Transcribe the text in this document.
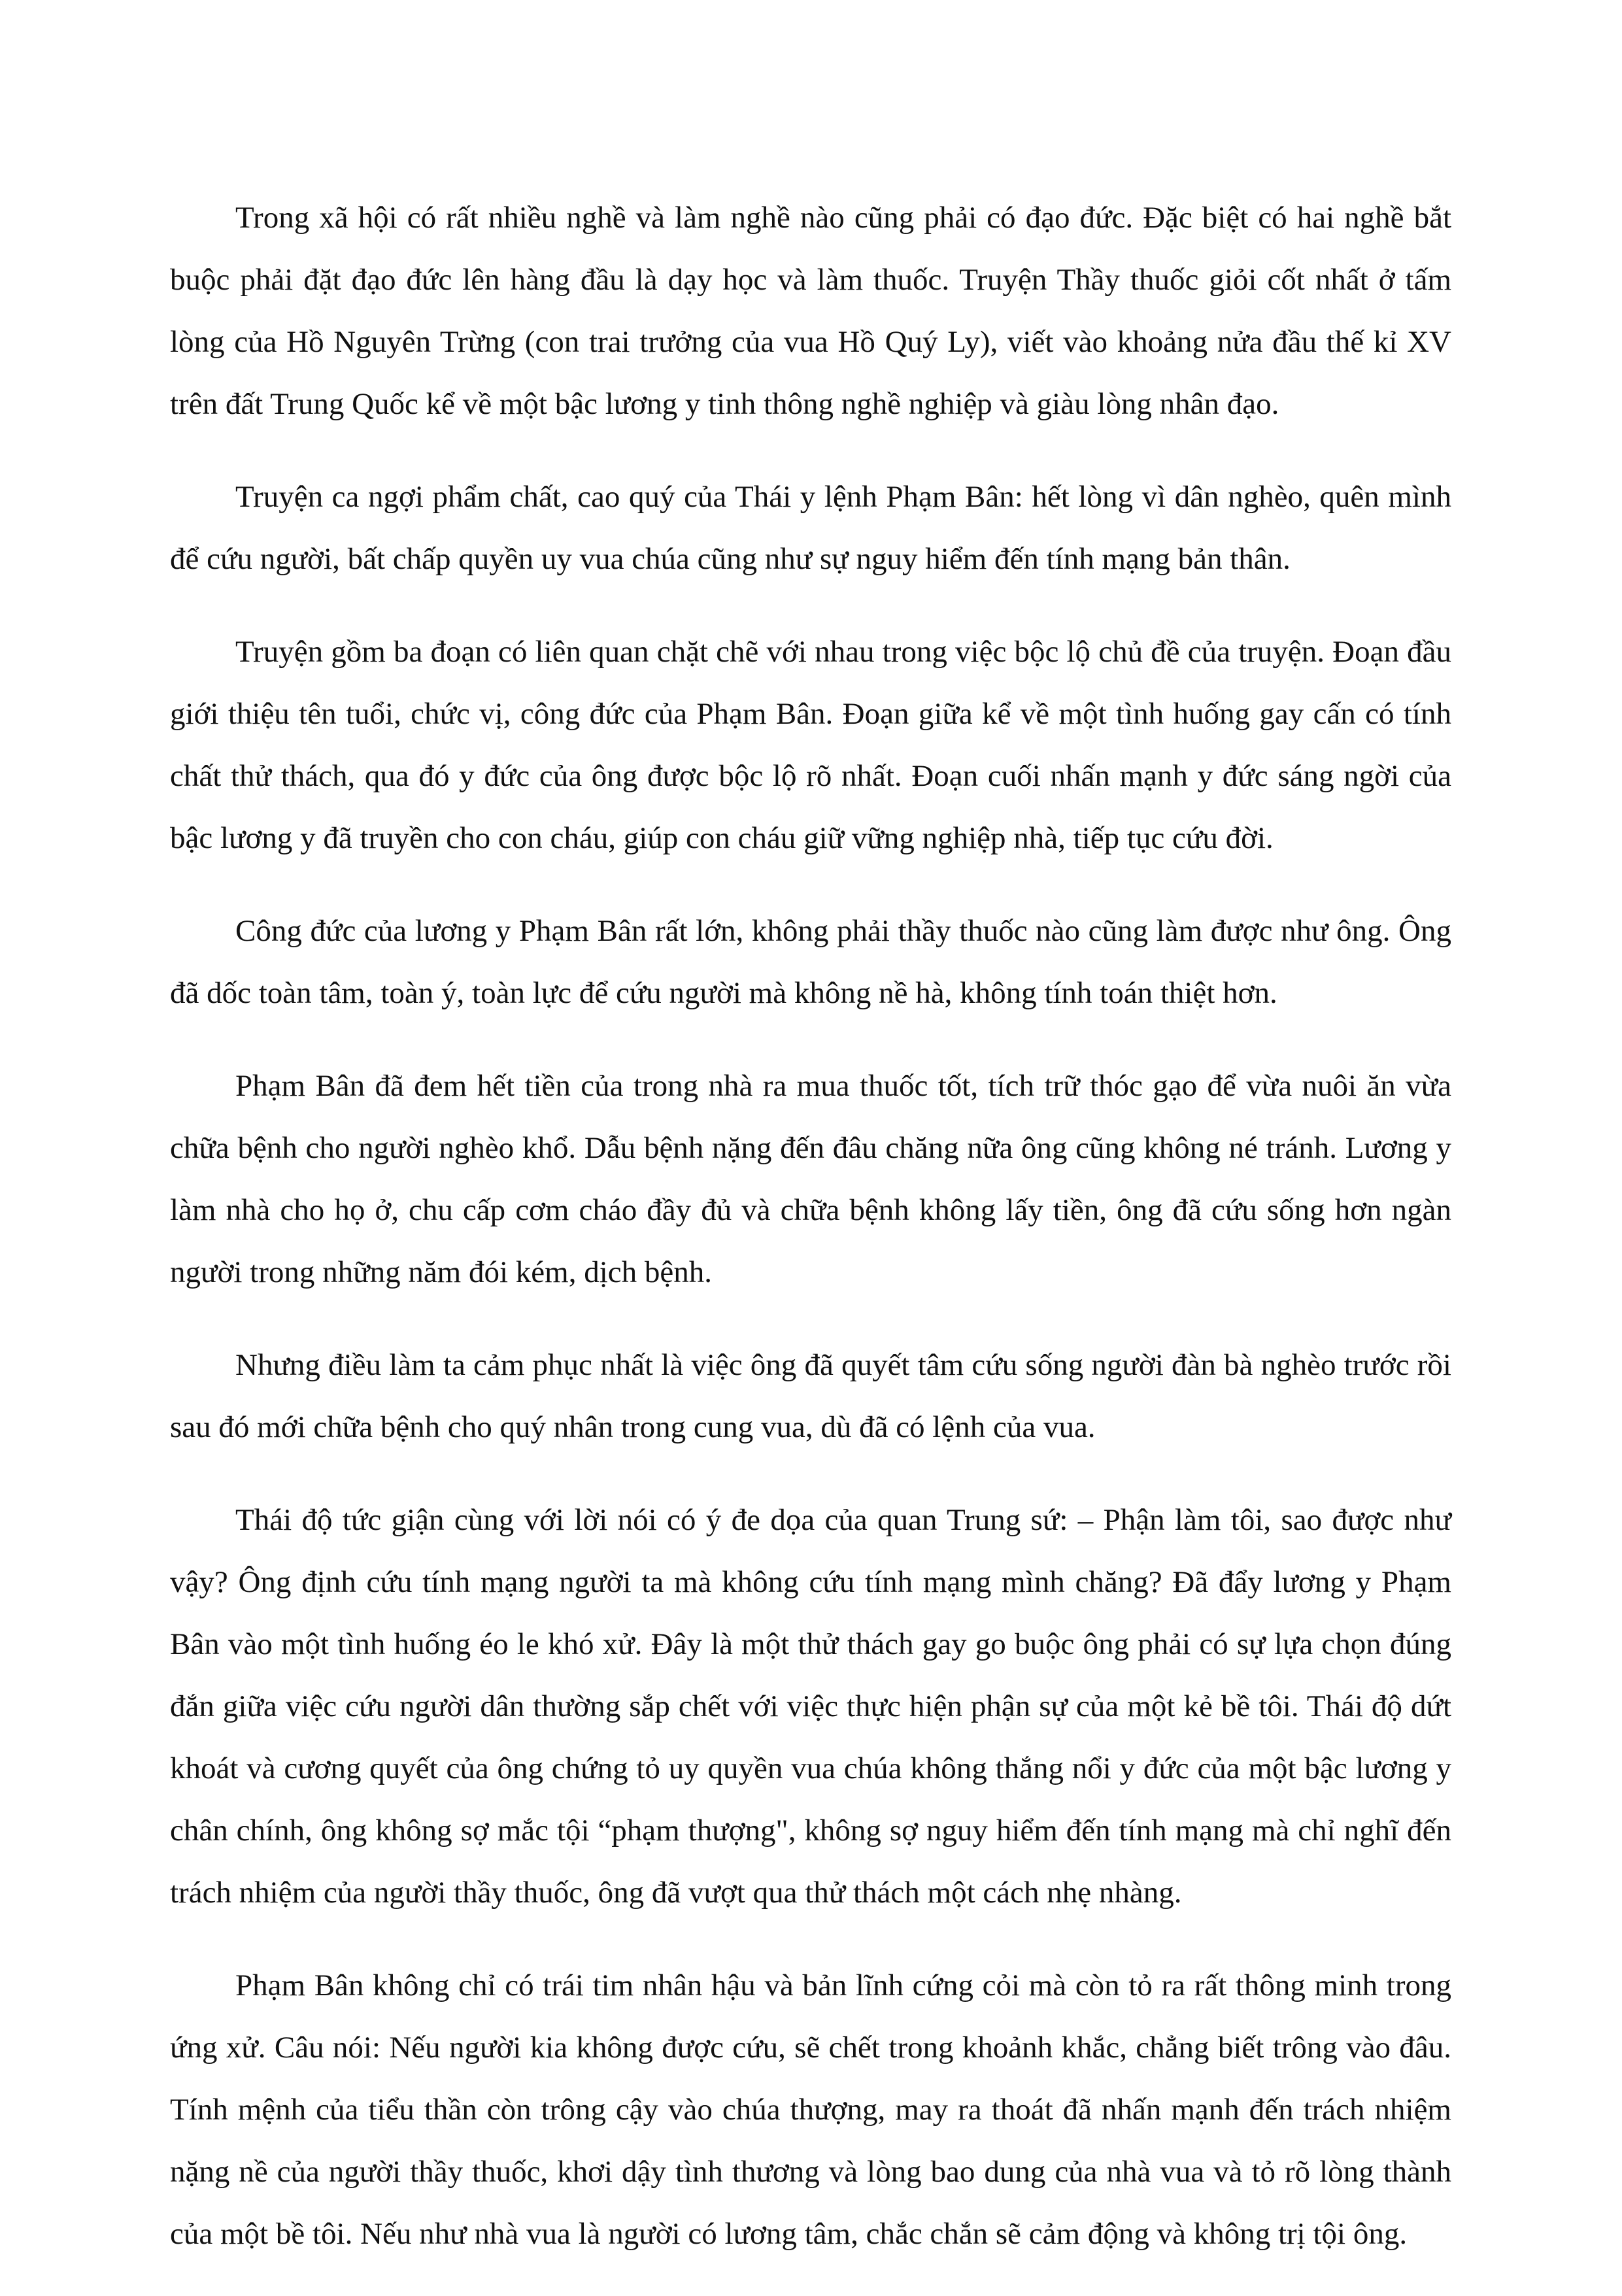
Trong xã hội có rất nhiều nghề và làm nghề nào cũng phải có đạo đức. Đặc biệt có hai nghề bắt buộc phải đặt đạo đức lên hàng đầu là dạy học và làm thuốc. Truyện Thầy thuốc giỏi cốt nhất ở tấm lòng của Hồ Nguyên Trừng (con trai trưởng của vua Hồ Quý Ly), viết vào khoảng nửa đầu thế kỉ XV trên đất Trung Quốc kể về một bậc lương y tinh thông nghề nghiệp và giàu lòng nhân đạo.

Truyện ca ngợi phẩm chất, cao quý của Thái y lệnh Phạm Bân: hết lòng vì dân nghèo, quên mình để cứu người, bất chấp quyền uy vua chúa cũng như sự nguy hiểm đến tính mạng bản thân.

Truyện gồm ba đoạn có liên quan chặt chẽ với nhau trong việc bộc lộ chủ đề của truyện. Đoạn đầu giới thiệu tên tuổi, chức vị, công đức của Phạm Bân. Đoạn giữa kể về một tình huống gay cấn có tính chất thử thách, qua đó y đức của ông được bộc lộ rõ nhất. Đoạn cuối nhấn mạnh y đức sáng ngời của bậc lương y đã truyền cho con cháu, giúp con cháu giữ vững nghiệp nhà, tiếp tục cứu đời.

Công đức của lương y Phạm Bân rất lớn, không phải thầy thuốc nào cũng làm được như ông. Ông đã dốc toàn tâm, toàn ý, toàn lực để cứu người mà không nề hà, không tính toán thiệt hơn.

Phạm Bân đã đem hết tiền của trong nhà ra mua thuốc tốt, tích trữ thóc gạo để vừa nuôi ăn vừa chữa bệnh cho người nghèo khổ. Dẫu bệnh nặng đến đâu chăng nữa ông cũng không né tránh. Lương y làm nhà cho họ ở, chu cấp cơm cháo đầy đủ và chữa bệnh không lấy tiền, ông đã cứu sống hơn ngàn người trong những năm đói kém, dịch bệnh.

Nhưng điều làm ta cảm phục nhất là việc ông đã quyết tâm cứu sống người đàn bà nghèo trước rồi sau đó mới chữa bệnh cho quý nhân trong cung vua, dù đã có lệnh của vua.

Thái độ tức giận cùng với lời nói có ý đe dọa của quan Trung sứ: – Phận làm tôi, sao được như vậy? Ông định cứu tính mạng người ta mà không cứu tính mạng mình chăng? Đã đẩy lương y Phạm Bân vào một tình huống éo le khó xử. Đây là một thử thách gay go buộc ông phải có sự lựa chọn đúng đắn giữa việc cứu người dân thường sắp chết với việc thực hiện phận sự của một kẻ bề tôi. Thái độ dứt khoát và cương quyết của ông chứng tỏ uy quyền vua chúa không thắng nổi y đức của một bậc lương y chân chính, ông không sợ mắc tội “phạm thượng", không sợ nguy hiểm đến tính mạng mà chỉ nghĩ đến trách nhiệm của người thầy thuốc, ông đã vượt qua thử thách một cách nhẹ nhàng.

Phạm Bân không chỉ có trái tim nhân hậu và bản lĩnh cứng cỏi mà còn tỏ ra rất thông minh trong ứng xử. Câu nói: Nếu người kia không được cứu, sẽ chết trong khoảnh khắc, chẳng biết trông vào đâu. Tính mệnh của tiểu thần còn trông cậy vào chúa thượng, may ra thoát đã nhấn mạnh đến trách nhiệm nặng nề của người thầy thuốc, khơi dậy tình thương và lòng bao dung của nhà vua và tỏ rõ lòng thành của một bề tôi. Nếu như nhà vua là người có lương tâm, chắc chắn sẽ cảm động và không trị tội ông.
